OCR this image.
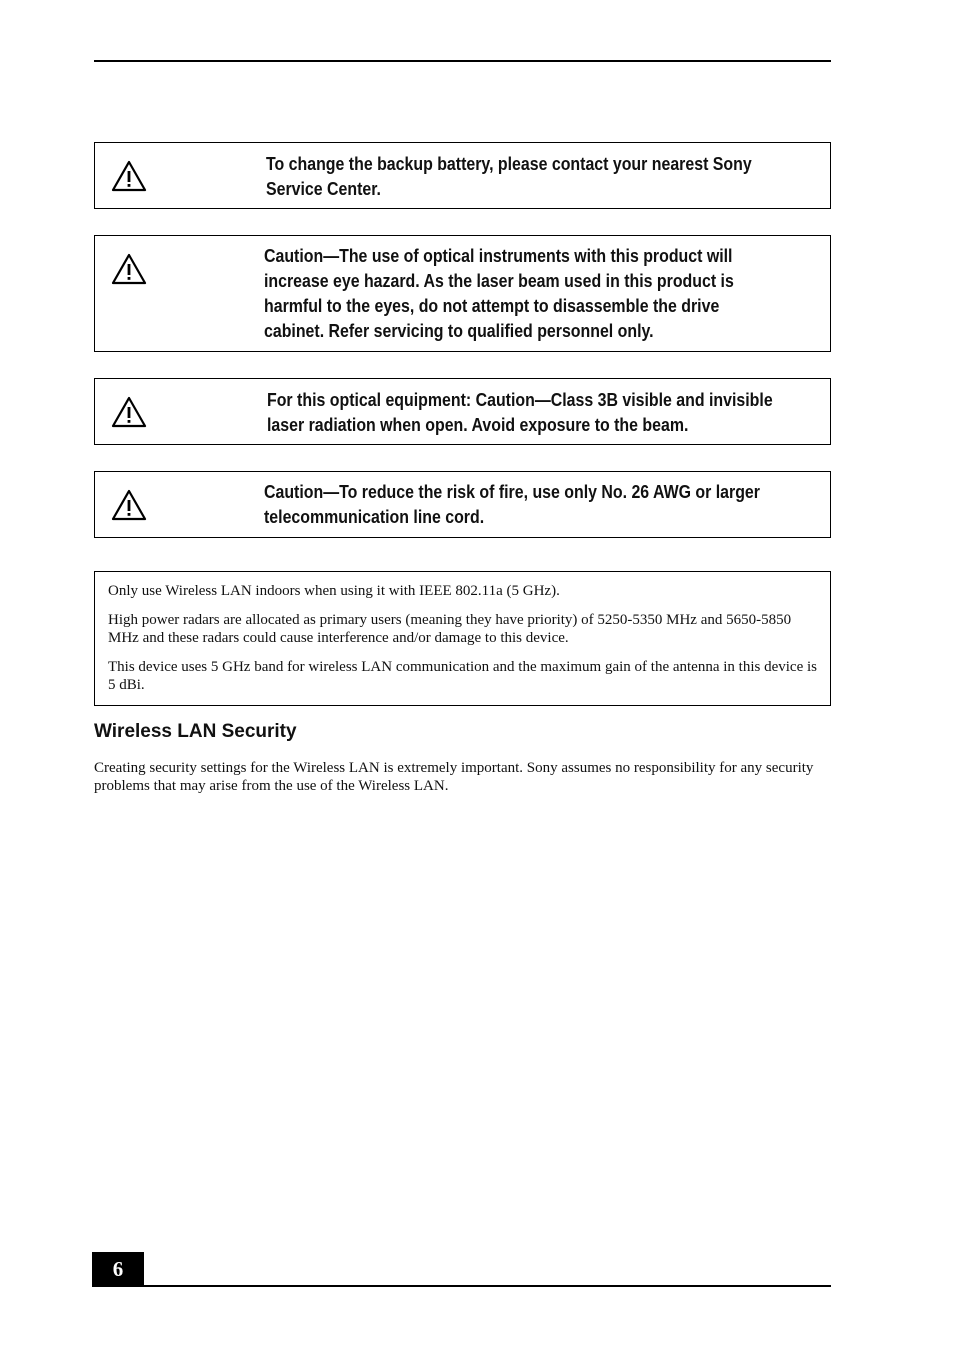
To change the backup battery, please contact your nearest Sony
Service Center.

Caution—The use of optical instruments with this product will
increase eye hazard. As the laser beam used in this product is
harmful to the eyes, do not attempt to disassemble the drive
cabinet. Refer servicing to qualified personnel only.

For this optical equipment: Caution—Class 3B visible and invisible
laser radiation when open. Avoid exposure to the beam.

Caution—To reduce the risk of fire, use only No. 26 AWG or larger
telecommunication line cord.

Only use Wireless LAN indoors when using it with IEEE 802.11a (5 GHz).

High power radars are allocated as primary users (meaning they have priority) of 5250-5350 MHz and 5650-5850 MHz and these radars could cause interference and/or damage to this device.

This device uses 5 GHz band for wireless LAN communication and the maximum gain of the antenna in this device is 5 dBi.

Wireless LAN Security

Creating security settings for the Wireless LAN is extremely important. Sony assumes no responsibility for any security problems that may arise from the use of the Wireless LAN.

6
